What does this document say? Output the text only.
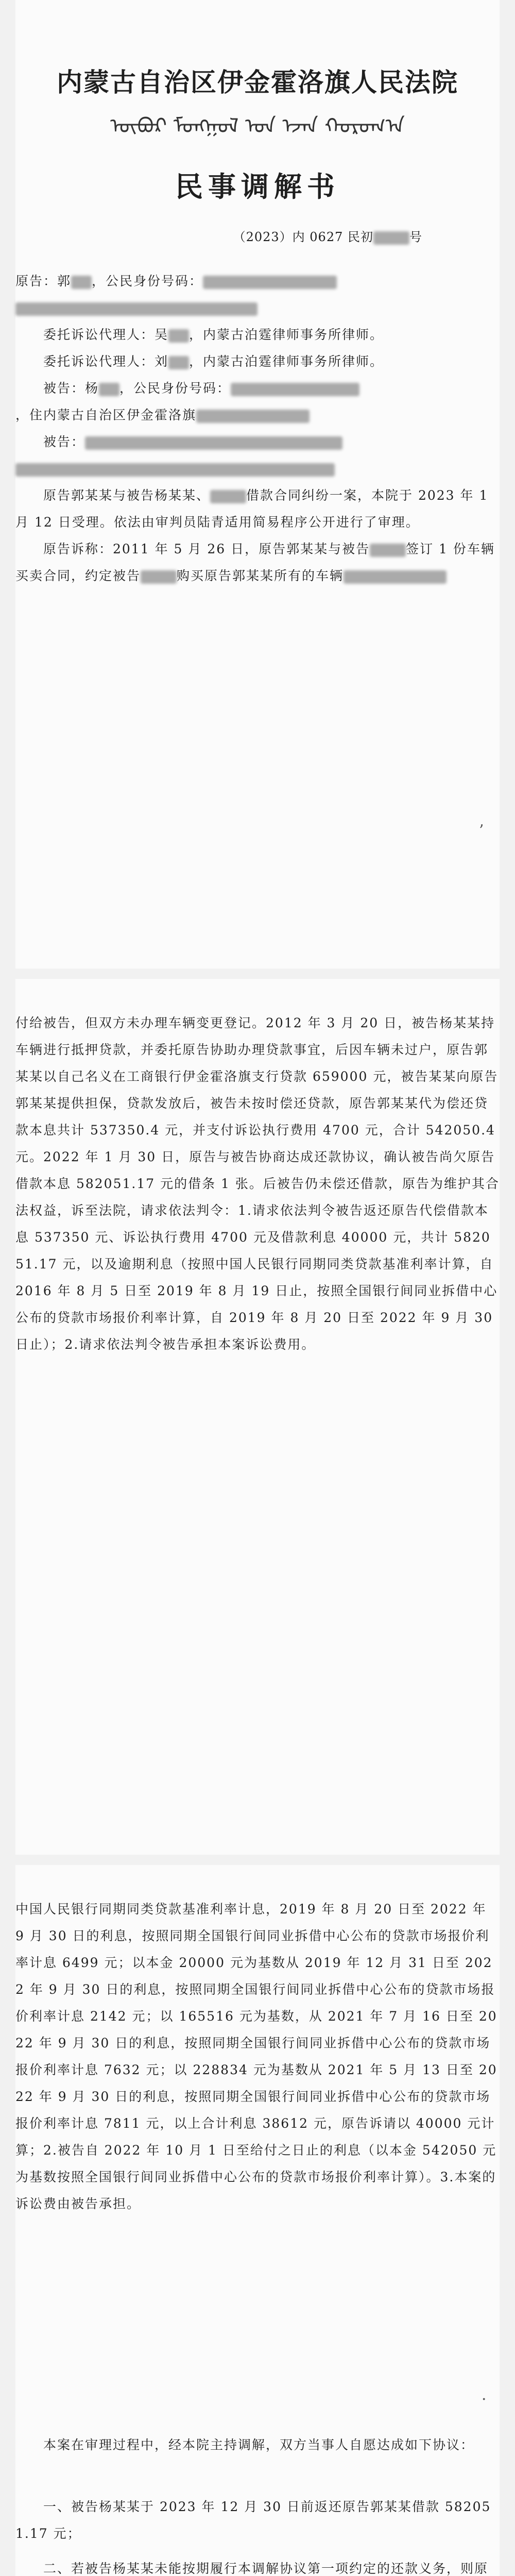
内蒙古自治区伊金霍洛旗人民法院
ᠥᠪᠥᠷ ᠮᠣᠩᠭᠣᠯ ᠤᠨ ᠡᠵᠡᠨ ᠬᠣᠷᠣᠭ᠎ᠠ
民事调解书
（2023）内 0627 民初	号
原告：郭 ，公民身份号码：

　　委托诉讼代理人：吴 ，内蒙古泊霆律师事务所律师。
　　委托诉讼代理人：刘 ，内蒙古泊霆律师事务所律师。
　　被告：杨 ，公民身份号码：
，住内蒙古自治区伊金霍洛旗
　　被告：

　　原告郭某某与被告杨某某、	借款合同纠纷一案，本院于 2023 年 1 月 12 日受理。依法由审判员陆青适用简易程序公开进行了审理。
　　原告诉称：2011 年 5 月 26 日，原告郭某某与被告	签订 1 份车辆买卖合同，约定被告	购买原告郭某某所有的车辆
’
付给被告，但双方未办理车辆变更登记。2012 年 3 月 20 日，被告杨某某持车辆进行抵押贷款，并委托原告协助办理贷款事宜，后因车辆未过户，原告郭某某以自己名义在工商银行伊金霍洛旗支行贷款 659000 元，被告某某向原告郭某某提供担保，贷款发放后，被告未按时偿还贷款，原告郭某某代为偿还贷款本息共计 537350.4 元，并支付诉讼执行费用 4700 元，合计 542050.4 元。2022 年 1 月 30 日，原告与被告协商达成还款协议，确认被告尚欠原告借款本息 582051.17 元的借条 1 张。后被告仍未偿还借款，原告为维护其合法权益，诉至法院，请求依法判令：1.请求依法判令被告返还原告代偿借款本息 537350 元、诉讼执行费用 4700 元及借款利息 40000 元，共计 582051.17 元，以及逾期利息（按照中国人民银行同期同类贷款基准利率计算，自 2016 年 8 月 5 日至 2019 年 8 月 19 日止，按照全国银行间同业拆借中心公布的贷款市场报价利率计算，自 2019 年 8 月 20 日至 2022 年 9 月 30 日止）；2.请求依法判令被告承担本案诉讼费用。
中国人民银行同期同类贷款基准利率计息，2019 年 8 月 20 日至 2022 年 9 月 30 日的利息，按照同期全国银行间同业拆借中心公布的贷款市场报价利率计息 6499 元；以本金 20000 元为基数从 2019 年 12 月 31 日至 2022 年 9 月 30 日的利息，按照同期全国银行间同业拆借中心公布的贷款市场报价利率计息 2142 元；以 165516 元为基数，从 2021 年 7 月 16 日至 2022 年 9 月 30 日的利息，按照同期全国银行间同业拆借中心公布的贷款市场报价利率计息 7632 元；以 228834 元为基数从 2021 年 5 月 13 日至 2022 年 9 月 30 日的利息，按照同期全国银行间同业拆借中心公布的贷款市场报价利率计息 7811 元，以上合计利息 38612 元，原告诉请以 40000 元计算；2.被告自 2022 年 10 月 1 日至给付之日止的利息（以本金 542050 元为基数按照全国银行间同业拆借中心公布的贷款市场报价利率计算）。3.本案的诉讼费由被告承担。
　　本案在审理过程中，经本院主持调解，双方当事人自愿达成如下协议：
　　一、被告杨某某于 2023 年 12 月 30 日前返还原告郭某某借款 582051.17 元；
　　二、若被告杨某某未能按期履行本调解协议第一项约定的还款义务，则原
·
